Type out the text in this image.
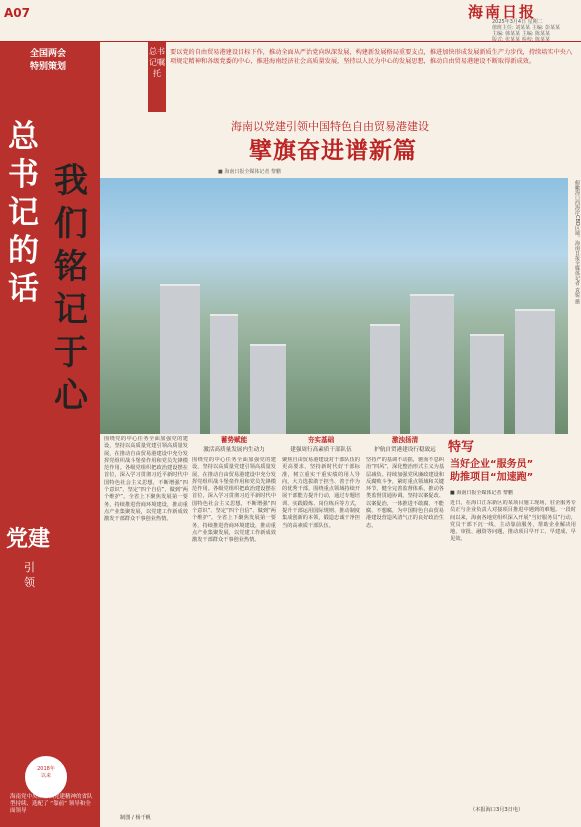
A07	海南日报
2025年3月4日 星期二
值班主任: 刘某某 主编: 彭某某
主编: 韩某某 主编: 陈某某
版式: 张某某 检校: 陈某某
全国两会
特别策划
总书记的话
我们铭记于心
总书记嘱托
要以党的自由贸易港建设目标下作，推动全面从严治党向纵深发展，构建新发展格局重要支点，推进加快形成发展新质生产力步伐，持续培实中央八项规定精神和各级党委的中心，推进海南经济社会高质量发展，坚持以人民为中心的发展思想，推动自由贸易港建设不断取得新成效。
海南以党建引领中国特色自由贸易港建设
擘旗奋进谱新篇
■ 海南日报全媒体记者 黎鹏
俯瞰海口西海岸CBD区域。海南日报全媒体记者 袁锐 摄
党建
引领
2018年
以来
海南党中央和全国党建精神的省队型持续、选配了 “靠前” 领导和全面领导
围绕党的中心任务全面加强党的建设，坚持以高质量党建引领高质量发展，在推动自由贸易港建设中充分发挥党组织战斗堡垒作用和党员先锋模范作用。各级党组织把政治建设摆在首位，深入学习贯彻习近平新时代中国特色社会主义思想，不断增强“四个意识”、坚定“四个自信”、做到“两个维护”。全省上下聚焦发展第一要务，持续推进营商环境建设，推动重点产业集聚发展，以党建工作新成效激发干部群众干事创业热情。
蓄势赋能
激活高质量发展内生动力
围绕党的中心任务全面加强党的建设，坚持以高质量党建引领高质量发展，在推动自由贸易港建设中充分发挥党组织战斗堡垒作用和党员先锋模范作用。各级党组织把政治建设摆在首位，深入学习贯彻习近平新时代中国特色社会主义思想，不断增强“四个意识”、坚定“四个自信”、做到“两个维护”。全省上下聚焦发展第一要务，持续推进营商环境建设，推动重点产业集聚发展，以党建工作新成效激发干部群众干事创业热情。
夯实基础
建强周行高素质干部队伍
聚焦自由贸易港建设对干部队伍的更高要求，坚持新时代好干部标准，树立重实干重实绩的用人导向，大力选拔敢于担当、善于作为的优秀干部。围绕重点领域持续开展干部能力提升行动，通过专题培训、实践锻炼、岗位练兵等方式，提升干部运用国际规则、推动制度集成创新的本领，锻造忠诚干净担当的高素质干部队伍。
激浊扬清
护航自贸港建设行稳致远
坚持严的基调不动摇，驰而不息纠治“四风”，深化整治形式主义为基层减负。持续加强党风廉政建设和反腐败斗争，紧盯重点领域和关键环节，健全完善监督体系，推动各类监督贯通协调。坚持以案促改、以案促治，一体推进不敢腐、不能腐、不想腐，为中国特色自由贸易港建设营造风清气正的良好政治生态。
特写
当好企业“服务员”
助推项目“加速跑”
■ 海南日报全媒体记者 黎鹏
近日，在海口江东新区的某项目施工现场，驻企服务专员正与企业负责人对接项目推进中遇到的难题。一段时间以来，海南各地党组织深入开展“当好服务员”行动，党员干部下沉一线、主动靠前服务，帮助企业解决用地、审批、融资等问题，推动项目早开工、早建成、早见效。
（本报海口3月3日电）
制图 / 杨千帆
